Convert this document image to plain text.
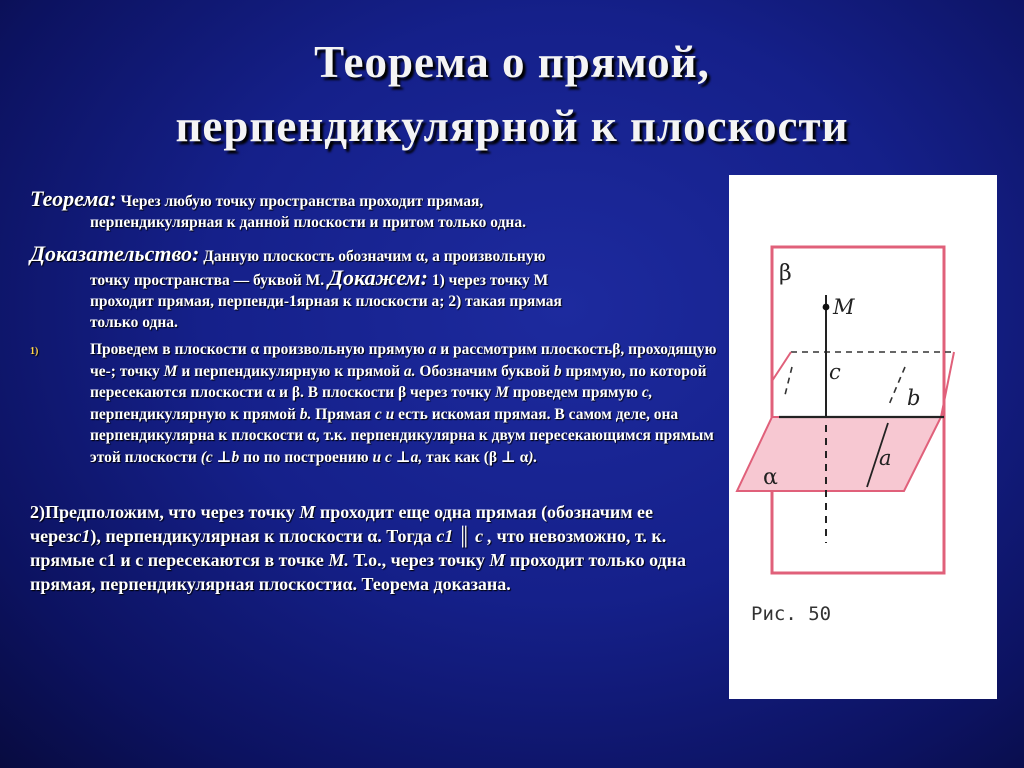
Теорема о прямой,
перпендикулярной к плоскости

Теорема: Через любую точку пространства проходит прямая,
перпендикулярная к данной плоскости и притом только одна.

Доказательство: Данную плоскость обозначим α, а произвольную
точку пространства — буквой М. Докажем: 1) через точку М
проходит прямая, перпенди-1ярная к плоскости а; 2) такая прямая
только одна.

1)	Проведем в плоскости α произвольную прямую а и рассмотрим плоскостьβ, проходящую че-; точку М и перпендикулярную к прямой а. Обозначим буквой b прямую, по которой пересекаются плоскости α и β. В плоскости β через точку М проведем прямую с, перпендикулярную к прямой b. Прямая с и есть искомая прямая. В самом деле, она перпендикулярна к плоскости α, т.к. перпендикулярна к двум пересекающимся прямым этой плоскости (с ⊥b по по построению и с ⊥а, так как (β ⊥ α).

2)Предположим, что через точку М проходит еще одна прямая (обозначим ее черезс1), перпендикулярная к плоскости α. Тогда с1 ║ с , что невозможно, т. к. прямые с1 и с пересекаются в точке М. Т.о., через точку М проходит только одна прямая, перпендикулярная плоскостиα. Теорема доказана.

β
M
c
b
a
α
Рис. 50
